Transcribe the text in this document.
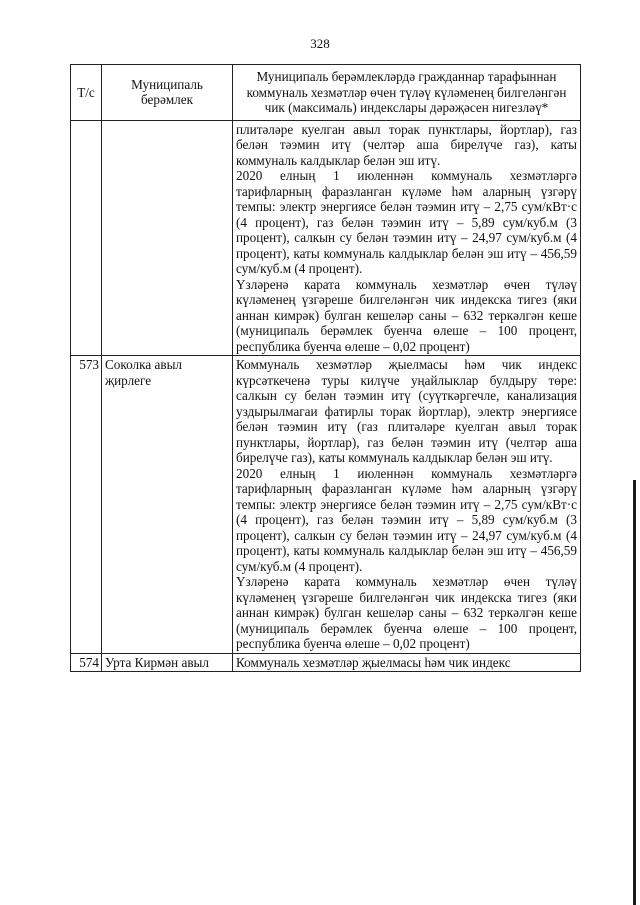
328
Т/с	Муниципаль берәмлек	Муниципаль берәмлекләрдә гражданнар тарафыннан коммуналь хезмәтләр өчен түләү күләменең билгеләнгән чик (максималь) индекслары дәрәҗәсен нигезләү*

		плитәләре куелган авыл торак пунктлары, йортлар), газ белән тәэмин итү (челтәр аша бирелүче газ), каты коммуналь калдыклар белән эш итү.

2020 елның 1 июленнән коммуналь хезмәтләргә тарифларның фаразланган күләме һәм аларның үзгәрү темпы: электр энергиясе белән тәэмин итү – 2,75 сум/кВт·с (4 процент), газ белән тәэмин итү – 5,89 сум/куб.м (3 процент), салкын су белән тәэмин итү – 24,97 сум/куб.м (4 процент), каты коммуналь калдыклар белән эш итү – 456,59 сум/куб.м (4 процент).

Үзләренә карата коммуналь хезмәтләр өчен түләү күләменең үзгәреше билгеләнгән чик индекска тигез (яки аннан кимрәк) булган кешеләр саны – 632 теркәлгән кеше (муниципаль берәмлек буенча өлеше – 100 процент, республика буенча өлеше – 0,02 процент)

573	Соколка авыл җирлеге	Коммуналь хезмәтләр җыелмасы һәм чик индекс күрсәткеченә туры килүче уңайлыклар булдыру төре: салкын су белән тәэмин итү (суүткәргечле, канализация уздырылмагаи фатирлы торак йортлар), электр энергиясе белән тәэмин итү (газ плитәләре куелган авыл торак пунктлары, йортлар), газ белән тәэмин итү (челтәр аша бирелүче газ), каты коммуналь калдыклар белән эш итү.

2020 елның 1 июленнән коммуналь хезмәтләргә тарифларның фаразланган күләме һәм аларның үзгәрү темпы: электр энергиясе белән тәэмин итү – 2,75 сум/кВт·с (4 процент), газ белән тәэмин итү – 5,89 сум/куб.м (3 процент), салкын су белән тәэмин итү – 24,97 сум/куб.м (4 процент), каты коммуналь калдыклар белән эш итү – 456,59 сум/куб.м (4 процент).

Үзләренә карата коммуналь хезмәтләр өчен түләү күләменең үзгәреше билгеләнгән чик индекска тигез (яки аннан кимрәк) булган кешеләр саны – 632 теркәлгән кеше (муниципаль берәмлек буенча өлеше – 100 процент, республика буенча өлеше – 0,02 процент)

574	Урта Кирмән авыл	Коммуналь хезмәтләр җыелмасы һәм чик индекс
